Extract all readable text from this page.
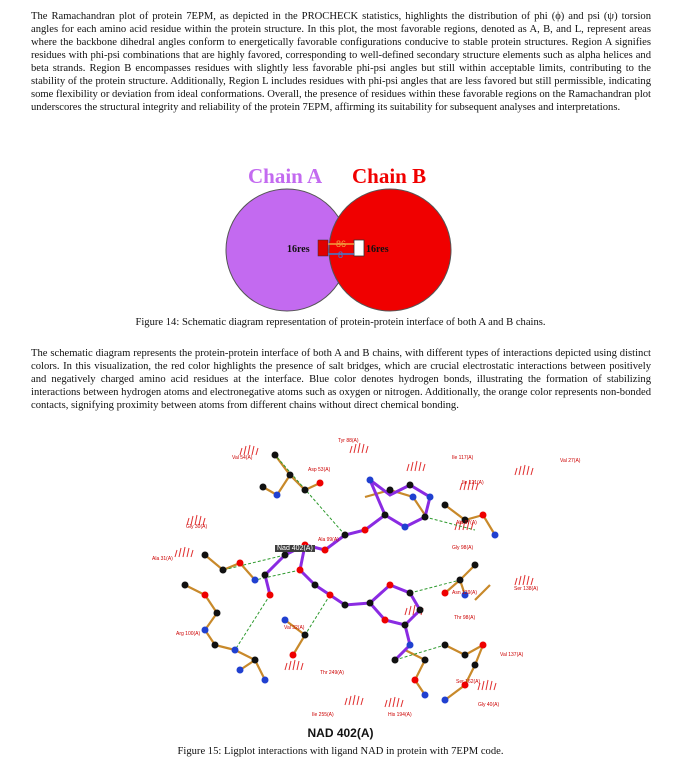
The Ramachandran plot of protein 7EPM, as depicted in the PROCHECK statistics, highlights the distribution of phi (ϕ) and psi (ψ) torsion angles for each amino acid residue within the protein structure. In this plot, the most favorable regions, denoted as A, B, and L, represent areas where the backbone dihedral angles conform to energetically favorable configurations conducive to stable protein structures. Region A signifies residues with phi-psi combinations that are highly favored, corresponding to well-defined secondary structure elements such as alpha helices and beta strands. Region B encompasses residues with slightly less favorable phi-psi angles but still within acceptable limits, contributing to the stability of the protein structure. Additionally, Region L includes residues with phi-psi angles that are less favored but still permissible, indicating some flexibility or deviation from ideal conformations. Overall, the presence of residues within these favorable regions on the Ramachandran plot underscores the structural integrity and reliability of the protein 7EPM, affirming its suitability for subsequent analyses and interpretations.

Chain A Chain B
86
8
16res	16res
Figure 14: Schematic diagram representation of protein-protein interface of both A and B chains.

The schematic diagram represents the protein-protein interface of both A and B chains, with different types of interactions depicted using distinct colors. In this visualization, the red color highlights the presence of salt bridges, which are crucial electrostatic interactions between positively and negatively charged amino acid residues at the interface. Blue color denotes hydrogen bonds, illustrating the formation of stabilizing interactions between hydrogen atoms and electronegative atoms such as oxygen or nitrogen. Additionally, the orange color represents non-bonded contacts, signifying proximity between atoms from different chains without direct chemical bonding.

Nad 402(A)
Tyr 88(A)
Val 54(A)
Asp 53(A)
Ile 117(A)	Val 27(A)
Ile 121(A)
Gly 30(A)
Ala 99(A)
Ala 97(A)
Gly 98(A)
Ala 31(A)
Asn 139(A)
Ser 138(A)
Thr 98(A)
Arg 100(A)
Val 32(A)
Val 137(A)
Thr 249(A)
Ser 162(A)
Gly 40(A)
Ile 255(A)	His 194(A)
NAD 402(A)
Figure 15: Ligplot interactions with ligand NAD in protein with 7EPM code.
